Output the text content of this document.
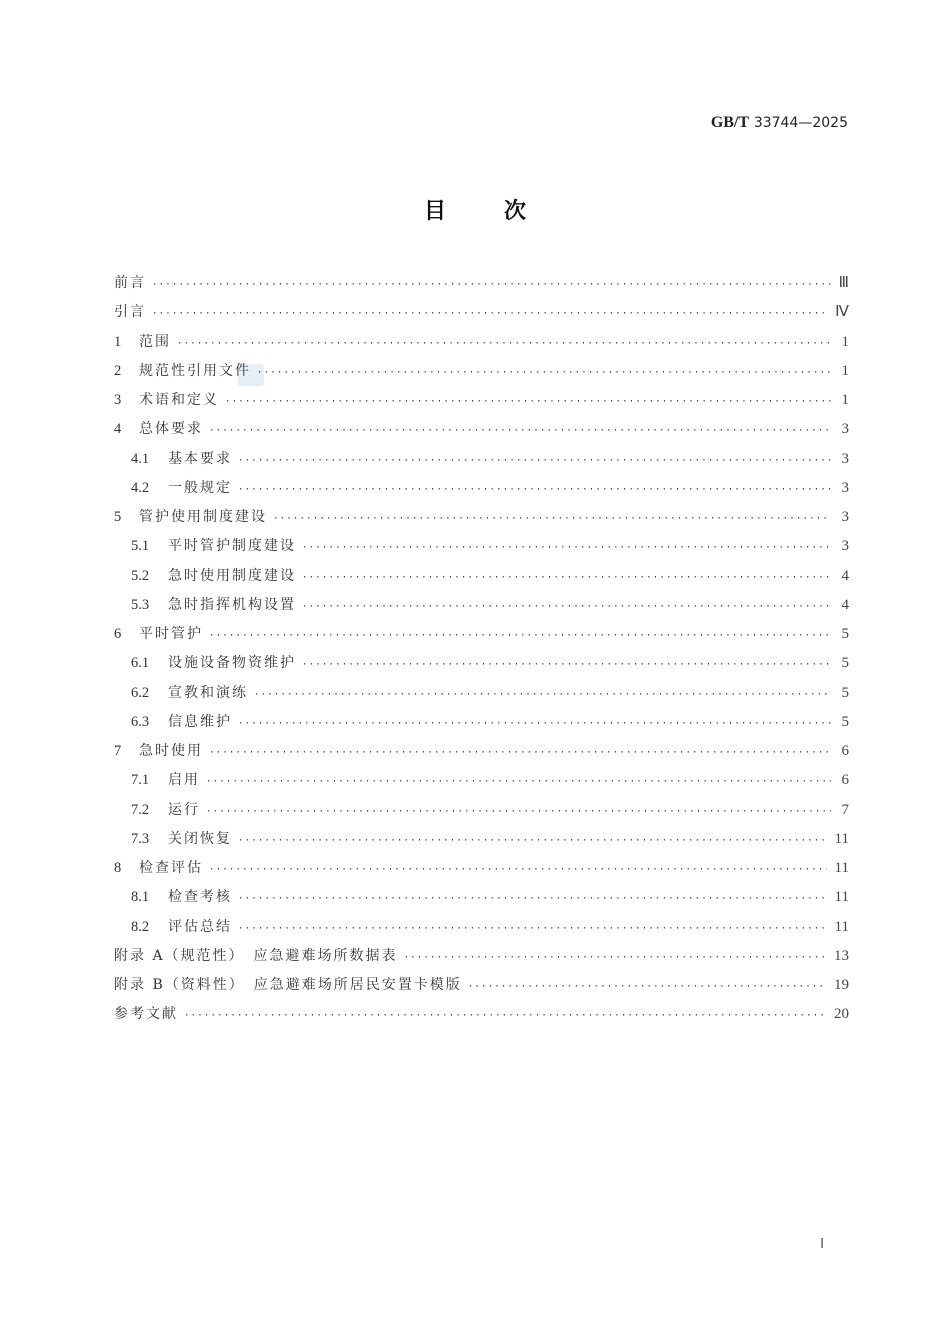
GB/T 33744—2025
目	次
前言 ·····	Ⅲ
引言 ·····	Ⅳ
1 范围 ·····	1
2 规范性引用文件 ·····	1
3 术语和定义 ·····	1
4 总体要求 ·····	3
4.1	基本要求 ·····	3
4.2	一般规定 ·····	3
5 管护使用制度建设 ·····	3
5.1	平时管护制度建设 ·····	3
5.2	急时使用制度建设 ·····	4
5.3	急时指挥机构设置 ·····	4
6 平时管护 ·····	5
6.1	设施设备物资维护 ·····	5
6.2	宣教和演练 ·····	5
6.3	信息维护 ·····	5
7 急时使用 ·····	6
7.1	启用 ·····	6
7.2	运行 ·····	7
7.3	关闭恢复 ·····	11
8 检查评估 ·····	11
8.1	检查考核 ·····	11
8.2	评估总结 ·····	11
附录 A（规范性）　应急避难场所数据表 ·····	13
附录 B（资料性）　应急避难场所居民安置卡模版 ·····	19
参考文献 ·····	20
Ⅰ
